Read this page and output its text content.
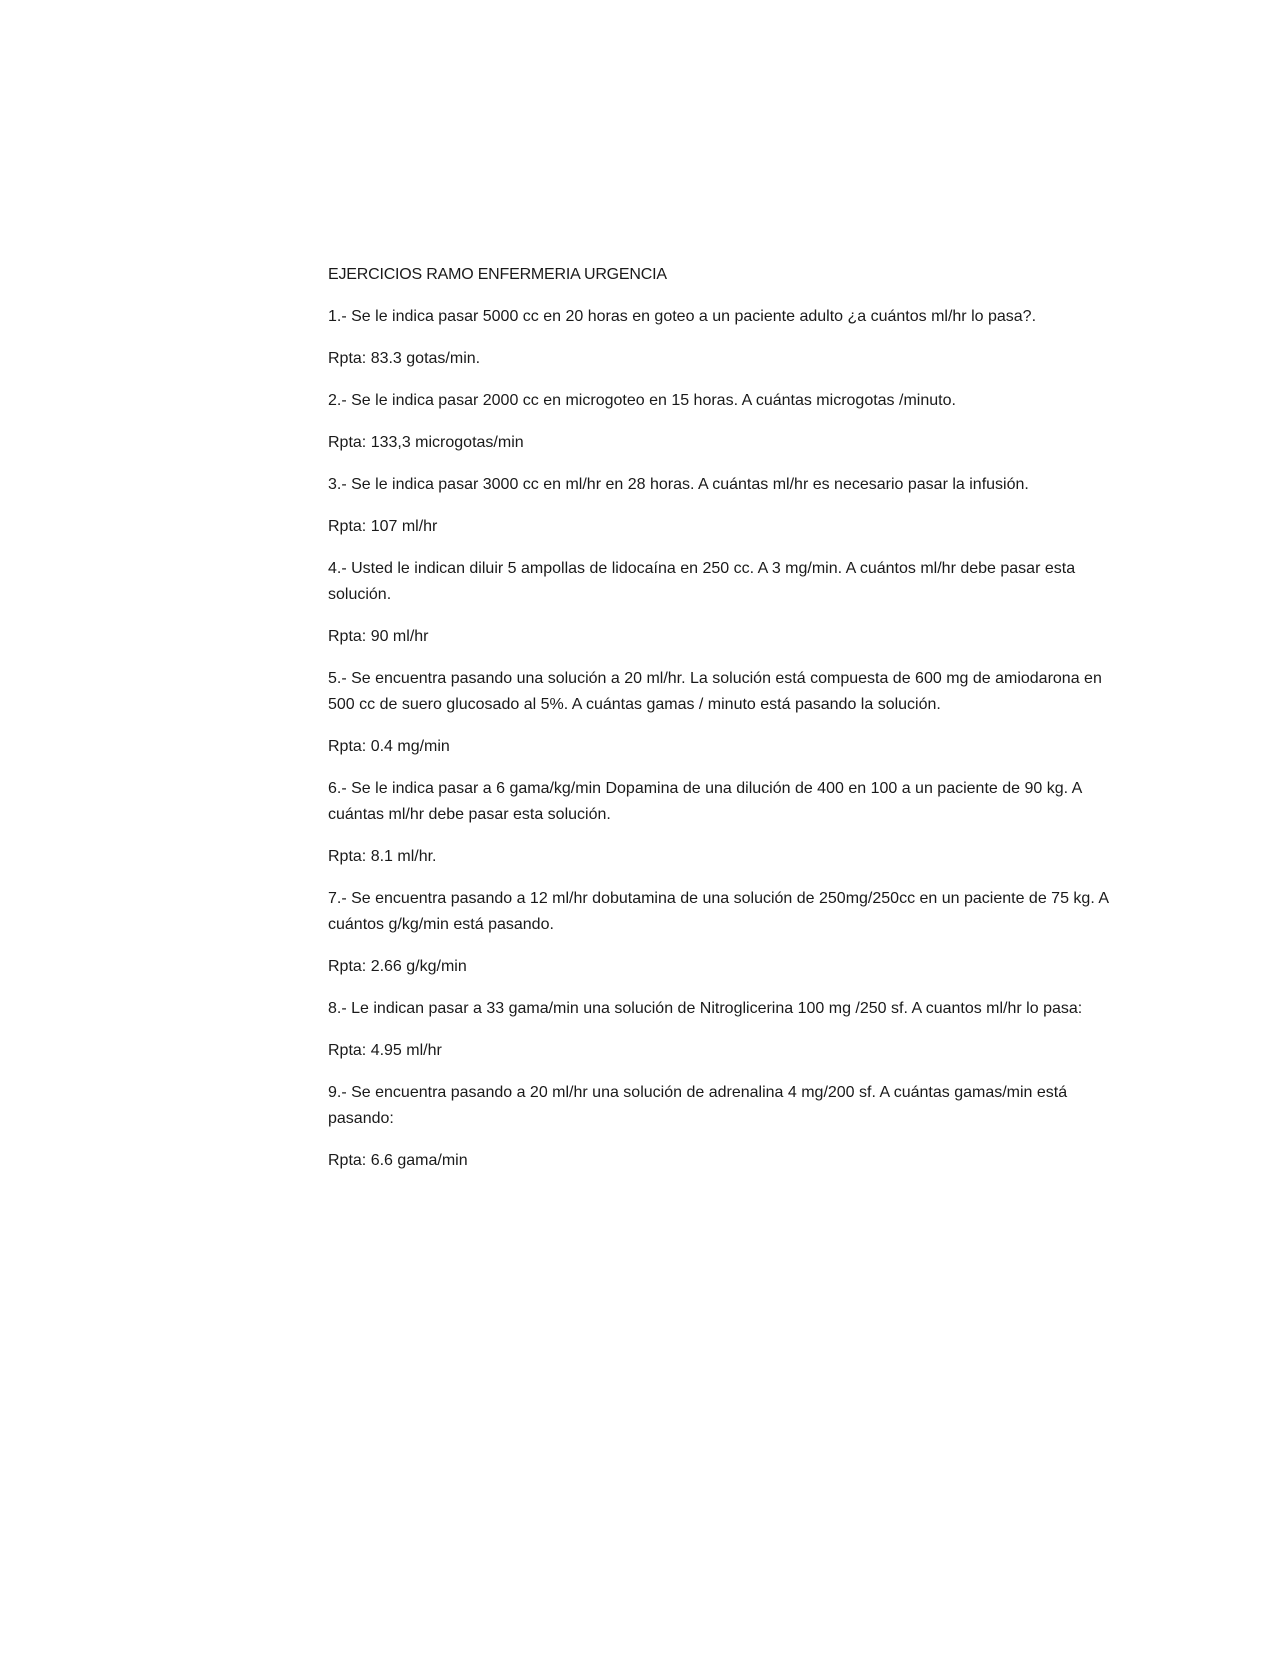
EJERCICIOS RAMO ENFERMERIA URGENCIA

1.- Se le indica pasar 5000 cc en 20 horas en goteo a un paciente adulto ¿a cuántos ml/hr lo pasa?.

Rpta: 83.3 gotas/min.

2.- Se le indica pasar 2000 cc en microgoteo en 15 horas. A cuántas microgotas /minuto.

Rpta: 133,3 microgotas/min

3.- Se le indica pasar 3000 cc en ml/hr en 28 horas. A cuántas ml/hr es necesario pasar la infusión.

Rpta: 107 ml/hr

4.- Usted le indican diluir 5 ampollas de lidocaína en 250 cc. A 3 mg/min. A cuántos ml/hr debe pasar esta solución.

Rpta: 90 ml/hr

5.- Se encuentra pasando una solución a 20 ml/hr. La solución está compuesta de 600 mg de amiodarona en 500 cc de suero glucosado al 5%. A cuántas gamas / minuto está pasando la solución.

Rpta: 0.4 mg/min

6.- Se le indica pasar a 6 gama/kg/min Dopamina de una dilución de 400 en 100 a un paciente de 90 kg. A cuántas ml/hr debe pasar esta solución.

Rpta: 8.1 ml/hr.

7.- Se encuentra pasando a 12 ml/hr dobutamina de una solución de 250mg/250cc en un paciente de 75 kg. A cuántos g/kg/min está pasando.

Rpta: 2.66 g/kg/min

8.- Le indican pasar a 33 gama/min una solución de Nitroglicerina 100 mg /250 sf. A cuantos ml/hr lo pasa:

Rpta: 4.95 ml/hr

9.- Se encuentra pasando a 20 ml/hr una solución de adrenalina 4 mg/200 sf. A cuántas gamas/min está pasando:

Rpta: 6.6 gama/min
